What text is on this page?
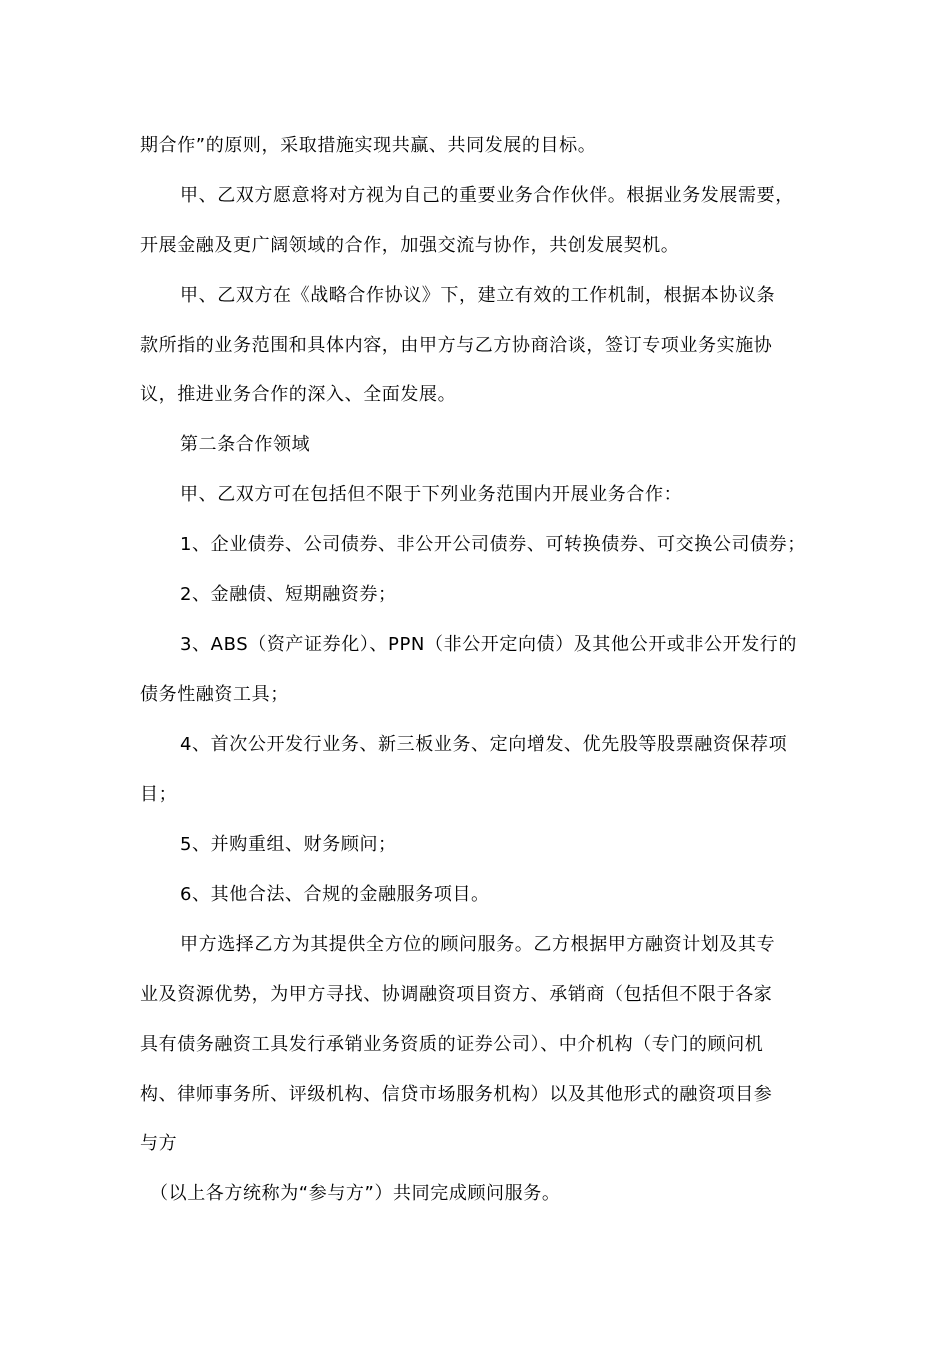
期合作”的原则，采取措施实现共赢、共同发展的目标。
甲、乙双方愿意将对方视为自己的重要业务合作伙伴。根据业务发展需要，
开展金融及更广阔领域的合作，加强交流与协作，共创发展契机。
甲、乙双方在《战略合作协议》下，建立有效的工作机制，根据本协议条
款所指的业务范围和具体内容，由甲方与乙方协商洽谈，签订专项业务实施协
议，推进业务合作的深入、全面发展。
第二条合作领域
甲、乙双方可在包括但不限于下列业务范围内开展业务合作：
1、企业债券、公司债券、非公开公司债券、可转换债券、可交换公司债券；
2、金融债、短期融资券；
3、ABS（资产证券化）、PPN（非公开定向债）及其他公开或非公开发行的
债务性融资工具；
4、首次公开发行业务、新三板业务、定向增发、优先股等股票融资保荐项
目；
5、并购重组、财务顾问；
6、其他合法、合规的金融服务项目。
甲方选择乙方为其提供全方位的顾问服务。乙方根据甲方融资计划及其专
业及资源优势，为甲方寻找、协调融资项目资方、承销商（包括但不限于各家
具有债务融资工具发行承销业务资质的证券公司）、中介机构（专门的顾问机
构、律师事务所、评级机构、信贷市场服务机构）以及其他形式的融资项目参
与方
（以上各方统称为“参与方”）共同完成顾问服务。
